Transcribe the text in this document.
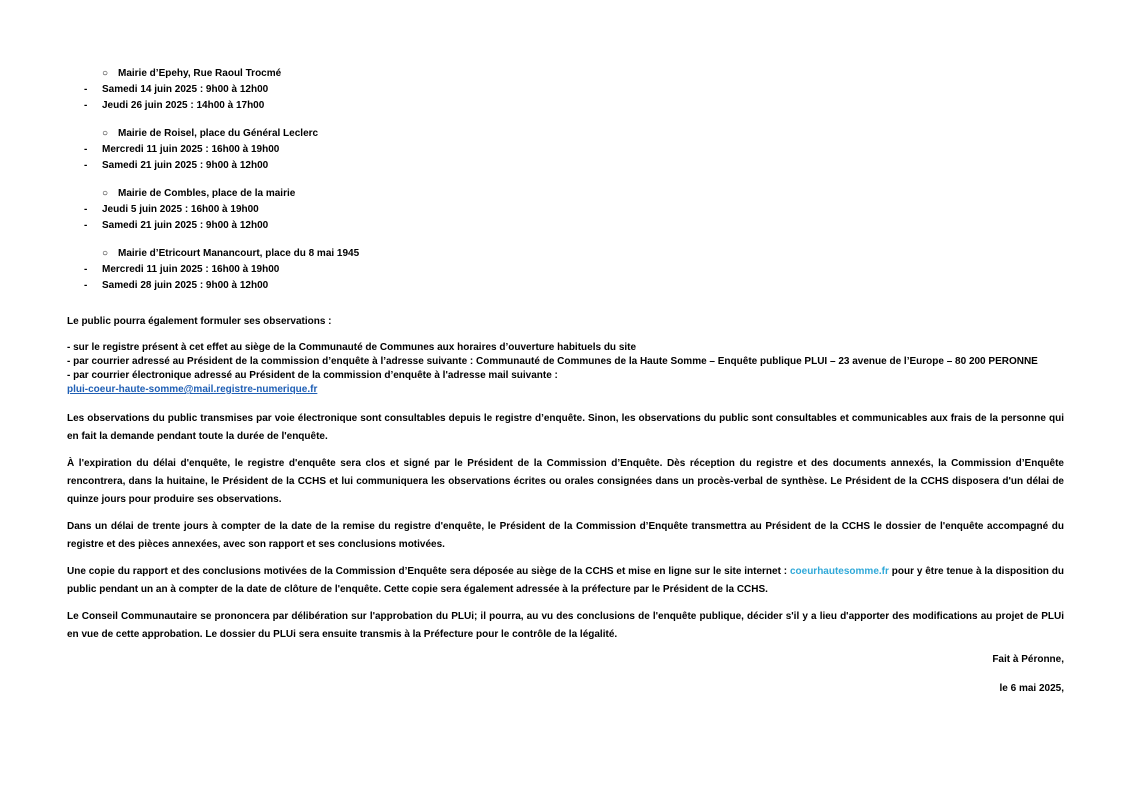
○ Mairie d’Epehy, Rue Raoul Trocmé
- Samedi 14 juin 2025 : 9h00 à 12h00
- Jeudi 26 juin 2025 : 14h00 à 17h00
○ Mairie de Roisel, place du Général Leclerc
- Mercredi 11 juin 2025 : 16h00 à 19h00
- Samedi 21 juin 2025 : 9h00 à 12h00
○ Mairie de Combles, place de la mairie
- Jeudi 5 juin 2025 : 16h00 à 19h00
- Samedi 21 juin 2025 : 9h00 à 12h00
○ Mairie d’Etricourt Manancourt, place du 8 mai 1945
- Mercredi 11 juin 2025 : 16h00 à 19h00
- Samedi 28 juin 2025 : 9h00 à 12h00

Le public pourra également formuler ses observations :

- sur le registre présent à cet effet au siège de la Communauté de Communes aux horaires d’ouverture habituels du site
- par courrier adressé au Président de la commission d’enquête à l’adresse suivante : Communauté de Communes de la Haute Somme – Enquête publique PLUI – 23 avenue de l’Europe – 80 200 PERONNE
- par courrier électronique adressé au Président de la commission d’enquête à l'adresse mail suivante :
plui-coeur-haute-somme@mail.registre-numerique.fr

Les observations du public transmises par voie électronique sont consultables depuis le registre d’enquête. Sinon, les observations du public sont consultables et communicables aux frais de la personne qui en fait la demande pendant toute la durée de l'enquête.

À l'expiration du délai d'enquête, le registre d'enquête sera clos et signé par le Président de la Commission d’Enquête. Dès réception du registre et des documents annexés, la Commission d’Enquête rencontrera, dans la huitaine, le Président de la CCHS et lui communiquera les observations écrites ou orales consignées dans un procès-verbal de synthèse. Le Président de la CCHS disposera d'un délai de quinze jours pour produire ses observations.

Dans un délai de trente jours à compter de la date de la remise du registre d'enquête, le Président de la Commission d’Enquête transmettra au Président de la CCHS le dossier de l'enquête accompagné du registre et des pièces annexées, avec son rapport et ses conclusions motivées.

Une copie du rapport et des conclusions motivées de la Commission d’Enquête sera déposée au siège de la CCHS et mise en ligne sur le site internet : coeurhautesomme.fr pour y être tenue à la disposition du public pendant un an à compter de la date de clôture de l'enquête. Cette copie sera également adressée à la préfecture par le Président de la CCHS.

Le Conseil Communautaire se prononcera par délibération sur l'approbation du PLUi; il pourra, au vu des conclusions de l'enquête publique, décider s'il y a lieu d'apporter des modifications au projet de PLUi en vue de cette approbation. Le dossier du PLUi sera ensuite transmis à la Préfecture pour le contrôle de la légalité.

Fait à Péronne,
le 6 mai 2025,
